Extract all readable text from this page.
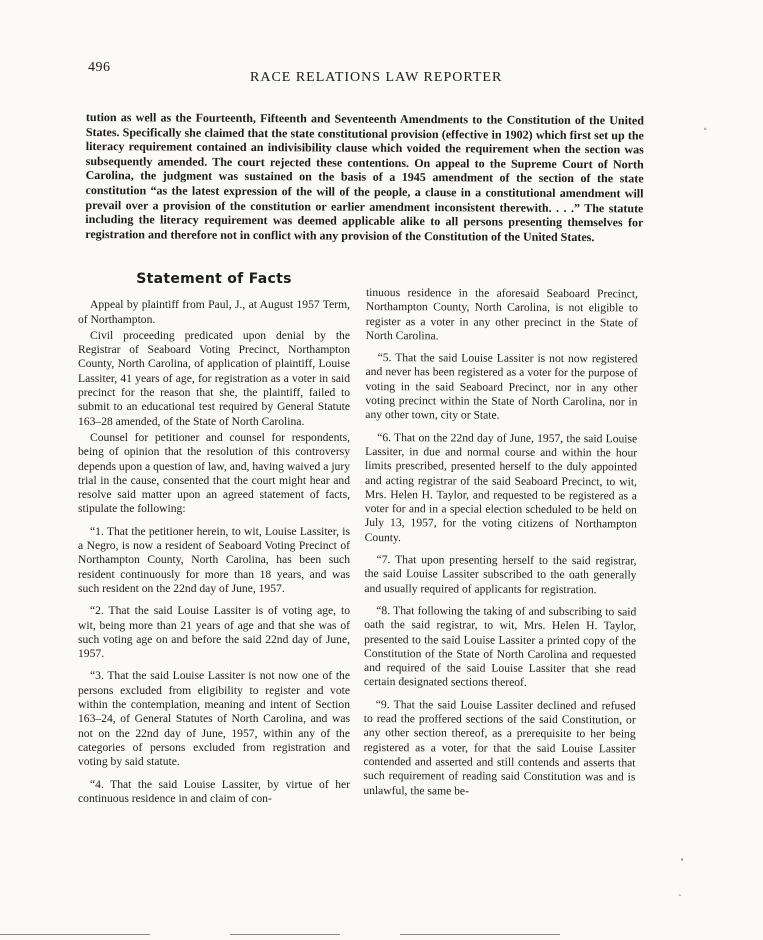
496
RACE RELATIONS LAW REPORTER
tution as well as the Fourteenth, Fifteenth and Seventeenth Amendments to the Constitution of the United States. Specifically she claimed that the state constitutional provision (effective in 1902) which first set up the literacy requirement contained an indivisibility clause which voided the requirement when the section was subsequently amended. The court rejected these contentions. On appeal to the Supreme Court of North Carolina, the judgment was sustained on the basis of a 1945 amendment of the section of the state constitution “as the latest expression of the will of the people, a clause in a constitutional amendment will prevail over a provision of the constitution or earlier amendment inconsistent therewith. . . .” The statute including the literacy requirement was deemed applicable alike to all persons presenting themselves for registration and therefore not in conflict with any provision of the Constitution of the United States.
Statement of Facts

Appeal by plaintiff from Paul, J., at August 1957 Term, of Northampton.

Civil proceeding predicated upon denial by the Registrar of Seaboard Voting Precinct, Northampton County, North Carolina, of application of plaintiff, Louise Lassiter, 41 years of age, for registration as a voter in said precinct for the reason that she, the plaintiff, failed to submit to an educational test required by General Statute 163–28 amended, of the State of North Carolina.

Counsel for petitioner and counsel for respondents, being of opinion that the resolution of this controversy depends upon a question of law, and, having waived a jury trial in the cause, consented that the court might hear and resolve said matter upon an agreed statement of facts, stipulate the following:

“1. That the petitioner herein, to wit, Louise Lassiter, is a Negro, is now a resident of Seaboard Voting Precinct of Northampton County, North Carolina, has been such resident continuously for more than 18 years, and was such resident on the 22nd day of June, 1957.

“2. That the said Louise Lassiter is of voting age, to wit, being more than 21 years of age and that she was of such voting age on and before the said 22nd day of June, 1957.

“3. That the said Louise Lassiter is not now one of the persons excluded from eligibility to register and vote within the contemplation, meaning and intent of Section 163–24, of General Statutes of North Carolina, and was not on the 22nd day of June, 1957, within any of the categories of persons excluded from registration and voting by said statute.

“4. That the said Louise Lassiter, by virtue of her continuous residence in and claim of con-

tinuous residence in the aforesaid Seaboard Precinct, Northampton County, North Carolina, is not eligible to register as a voter in any other precinct in the State of North Carolina.

“5. That the said Louise Lassiter is not now registered and never has been registered as a voter for the purpose of voting in the said Seaboard Precinct, nor in any other voting precinct within the State of North Carolina, nor in any other town, city or State.

“6. That on the 22nd day of June, 1957, the said Louise Lassiter, in due and normal course and within the hour limits prescribed, presented herself to the duly appointed and acting registrar of the said Seaboard Precinct, to wit, Mrs. Helen H. Taylor, and requested to be registered as a voter for and in a special election scheduled to be held on July 13, 1957, for the voting citizens of Northampton County.

“7. That upon presenting herself to the said registrar, the said Louise Lassiter subscribed to the oath generally and usually required of applicants for registration.

“8. That following the taking of and subscribing to said oath the said registrar, to wit, Mrs. Helen H. Taylor, presented to the said Louise Lassiter a printed copy of the Constitution of the State of North Carolina and requested and required of the said Louise Lassiter that she read certain designated sections thereof.

“9. That the said Louise Lassiter declined and refused to read the proffered sections of the said Constitution, or any other section thereof, as a prerequisite to her being registered as a voter, for that the said Louise Lassiter contended and asserted and still contends and asserts that such requirement of reading said Constitution was and is unlawful, the same be-

˄
•
˄
